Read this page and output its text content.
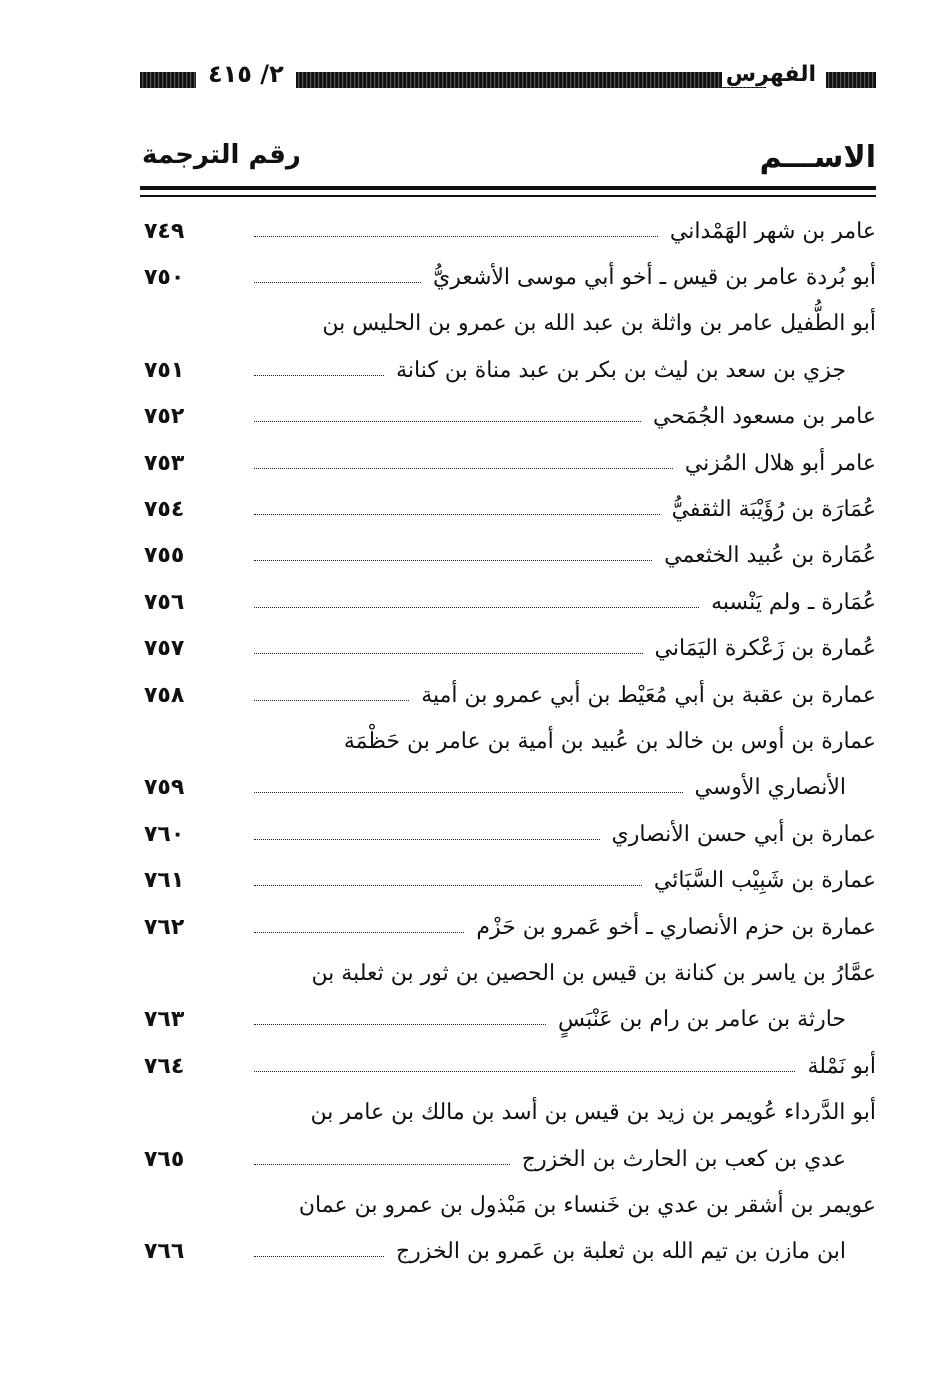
الفهرس
٢/ ٤١٥
الاســـم
رقم الترجمة
عامر بن شهر الهَمْداني
٧٤٩
أبو بُردة عامر بن قيس ـ أخو أبي موسى الأشعريُّ
٧٥٠
أبو الطُّفيل عامر بن واثلة بن عبد الله بن عمرو بن الحليس بن
جزي بن سعد بن ليث بن بكر بن عبد مناة بن كنانة
٧٥١
عامر بن مسعود الجُمَحي
٧٥٢
عامر أبو هلال المُزني
٧٥٣
عُمَارَة بن رُؤَيْبَة الثقفيُّ
٧٥٤
عُمَارة بن عُبيد الخثعمي
٧٥٥
عُمَارة ـ ولم يَنْسبه
٧٥٦
عُمارة بن زَعْكرة اليَمَاني
٧٥٧
عمارة بن عقبة بن أبي مُعَيْط بن أبي عمرو بن أمية
٧٥٨
عمارة بن أوس بن خالد بن عُبيد بن أمية بن عامر بن حَظْمَة
الأنصاري الأوسي
٧٥٩
عمارة بن أبي حسن الأنصاري
٧٦٠
عمارة بن شَبِيْب السَّبَائي
٧٦١
عمارة بن حزم الأنصاري ـ أخو عَمرو بن حَزْم
٧٦٢
عمَّارُ بن ياسر بن كنانة بن قيس بن الحصين بن ثور بن ثعلبة بن
حارثة بن عامر بن رام بن عَنْبَسٍ
٧٦٣
أبو نَمْلة
٧٦٤
أبو الدَّرداء عُويمر بن زيد بن قيس بن أسد بن مالك بن عامر بن
عدي بن كعب بن الحارث بن الخزرج
٧٦٥
عويمر بن أشقر بن عدي بن خَنساء بن مَبْذول بن عمرو بن عمان
ابن مازن بن تيم الله بن ثعلبة بن عَمرو بن الخزرج
٧٦٦
